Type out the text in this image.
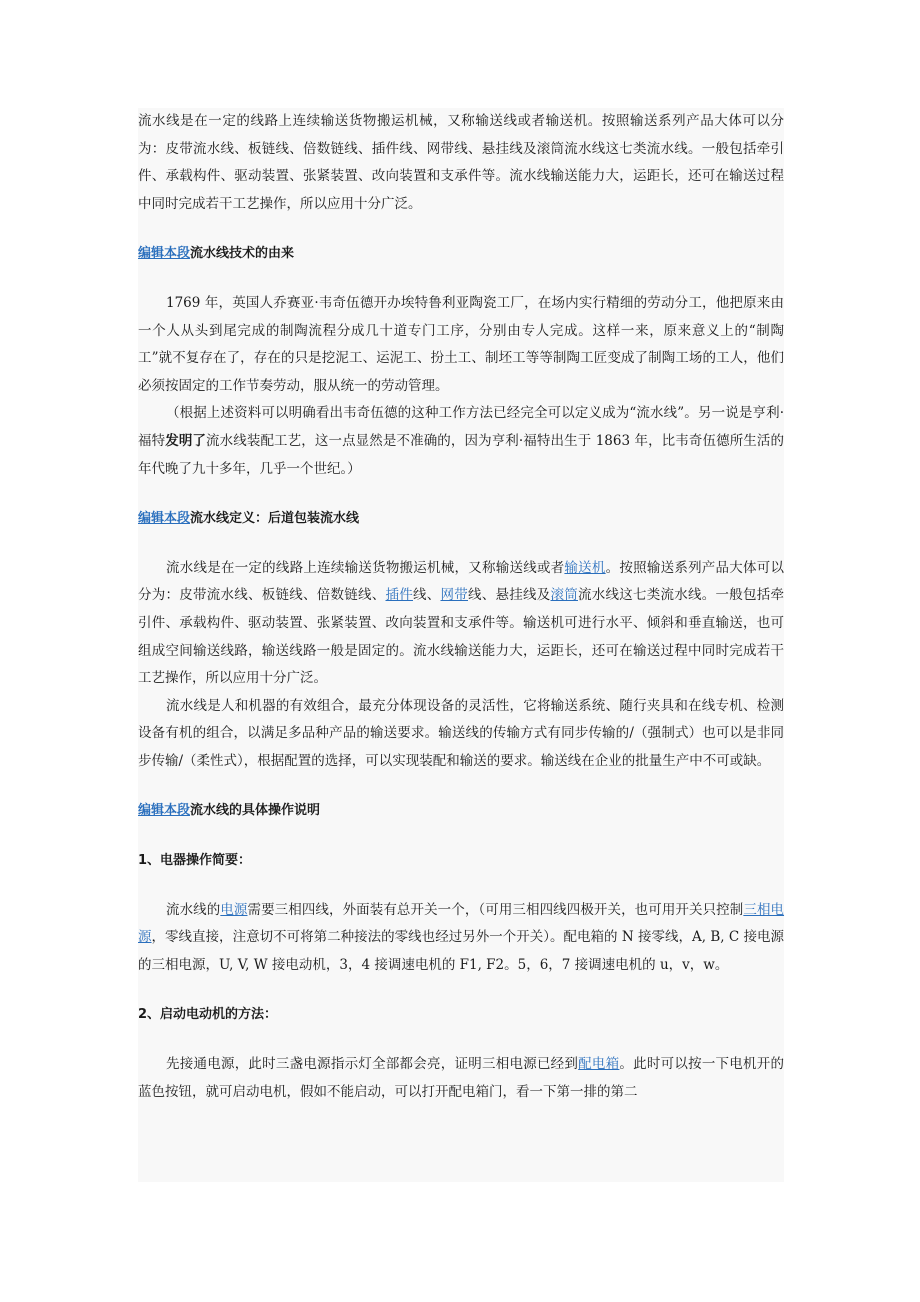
流水线是在一定的线路上连续输送货物搬运机械，又称输送线或者输送机。按照输送系列产品大体可以分为：皮带流水线、板链线、倍数链线、插件线、网带线、悬挂线及滚筒流水线这七类流水线。一般包括牵引件、承载构件、驱动装置、张紧装置、改向装置和支承件等。流水线输送能力大，运距长，还可在输送过程中同时完成若干工艺操作，所以应用十分广泛。

编辑本段流水线技术的由来

1769 年，英国人乔赛亚·韦奇伍德开办埃特鲁利亚陶瓷工厂，在场内实行精细的劳动分工，他把原来由一个人从头到尾完成的制陶流程分成几十道专门工序，分别由专人完成。这样一来，原来意义上的“制陶工”就不复存在了，存在的只是挖泥工、运泥工、扮土工、制坯工等等制陶工匠变成了制陶工场的工人，他们必须按固定的工作节奏劳动，服从统一的劳动管理。

（根据上述资料可以明确看出韦奇伍德的这种工作方法已经完全可以定义成为“流水线”。另一说是亨利·福特发明了流水线装配工艺，这一点显然是不准确的，因为亨利·福特出生于 1863 年，比韦奇伍德所生活的年代晚了九十多年，几乎一个世纪。）

编辑本段流水线定义：后道包装流水线

流水线是在一定的线路上连续输送货物搬运机械，又称输送线或者输送机。按照输送系列产品大体可以分为：皮带流水线、板链线、倍数链线、插件线、网带线、悬挂线及滚筒流水线这七类流水线。一般包括牵引件、承载构件、驱动装置、张紧装置、改向装置和支承件等。输送机可进行水平、倾斜和垂直输送，也可组成空间输送线路，输送线路一般是固定的。流水线输送能力大，运距长，还可在输送过程中同时完成若干工艺操作，所以应用十分广泛。

流水线是人和机器的有效组合，最充分体现设备的灵活性，它将输送系统、随行夹具和在线专机、检测设备有机的组合，以满足多品种产品的输送要求。输送线的传输方式有同步传输的/（强制式）也可以是非同步传输/（柔性式），根据配置的选择，可以实现装配和输送的要求。输送线在企业的批量生产中不可或缺。

编辑本段流水线的具体操作说明

1、电器操作简要：

流水线的电源需要三相四线，外面装有总开关一个，（可用三相四线四极开关，也可用开关只控制三相电源，零线直接，注意切不可将第二种接法的零线也经过另外一个开关）。配电箱的 N 接零线，A, B, C 接电源的三相电源，U, V, W 接电动机，3，4 接调速电机的 F1, F2。5，6，7 接调速电机的 u，v，w。

2、启动电动机的方法：

先接通电源，此时三盏电源指示灯全部都会亮，证明三相电源已经到配电箱。此时可以按一下电机开的蓝色按钮，就可启动电机，假如不能启动，可以打开配电箱门，看一下第一排的第二
